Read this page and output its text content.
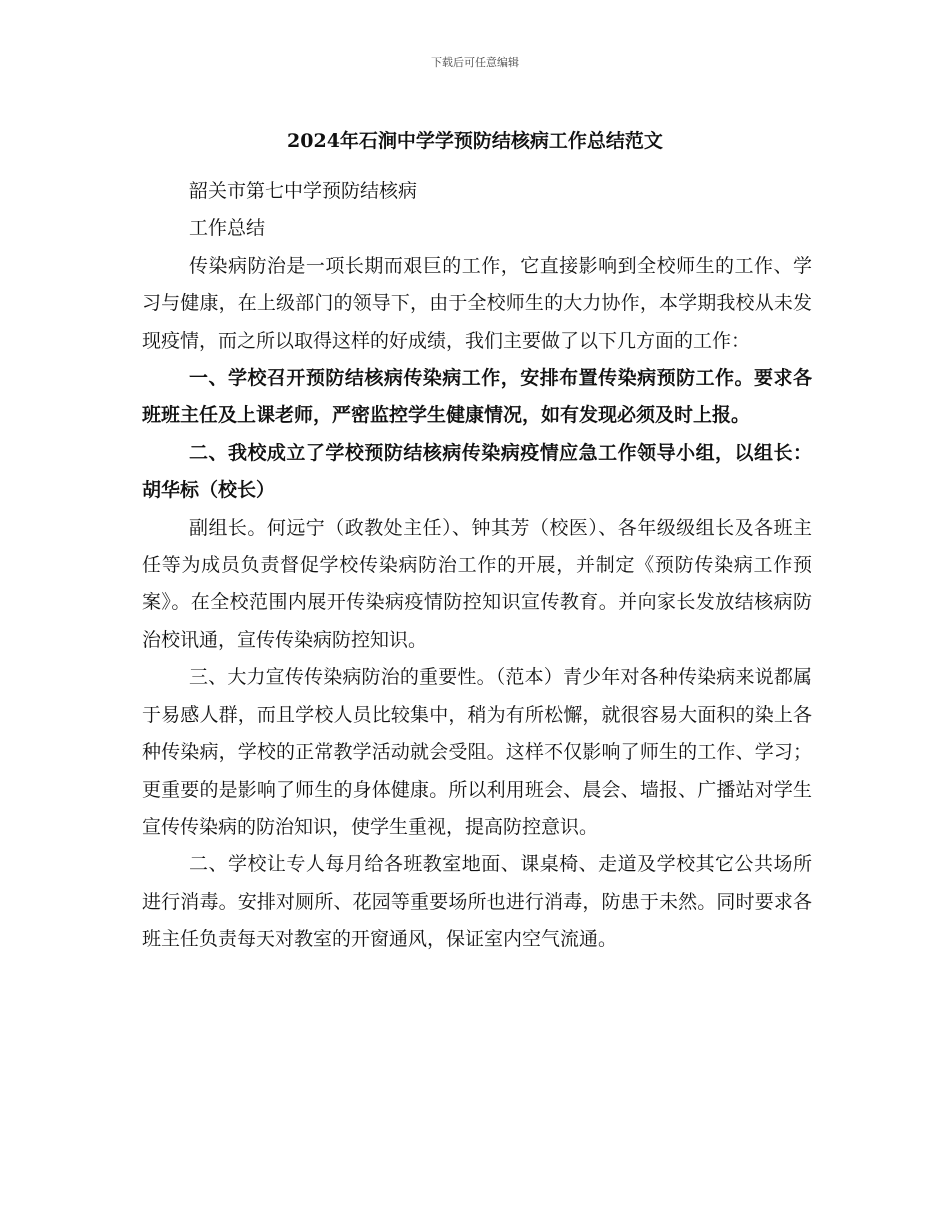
下载后可任意编辑
2024年石涧中学学预防结核病工作总结范文

韶关市第七中学预防结核病

工作总结

传染病防治是一项长期而艰巨的工作，它直接影响到全校师生的工作、学习与健康，在上级部门的领导下，由于全校师生的大力协作，本学期我校从未发现疫情，而之所以取得这样的好成绩，我们主要做了以下几方面的工作：

一、学校召开预防结核病传染病工作，安排布置传染病预防工作。要求各班班主任及上课老师，严密监控学生健康情况，如有发现必须及时上报。

二、我校成立了学校预防结核病传染病疫情应急工作领导小组，以组长：胡华标（校长）

副组长。何远宁（政教处主任）、钟其芳（校医）、各年级级组长及各班主任等为成员负责督促学校传染病防治工作的开展，并制定《预防传染病工作预案》。在全校范围内展开传染病疫情防控知识宣传教育。并向家长发放结核病防治校讯通，宣传传染病防控知识。

三、大力宣传传染病防治的重要性。（范本）青少年对各种传染病来说都属于易感人群，而且学校人员比较集中，稍为有所松懈，就很容易大面积的染上各种传染病，学校的正常教学活动就会受阻。这样不仅影响了师生的工作、学习；更重要的是影响了师生的身体健康。所以利用班会、晨会、墙报、广播站对学生宣传传染病的防治知识，使学生重视，提高防控意识。

二、学校让专人每月给各班教室地面、课桌椅、走道及学校其它公共场所进行消毒。安排对厕所、花园等重要场所也进行消毒，防患于未然。同时要求各班主任负责每天对教室的开窗通风，保证室内空气流通。
